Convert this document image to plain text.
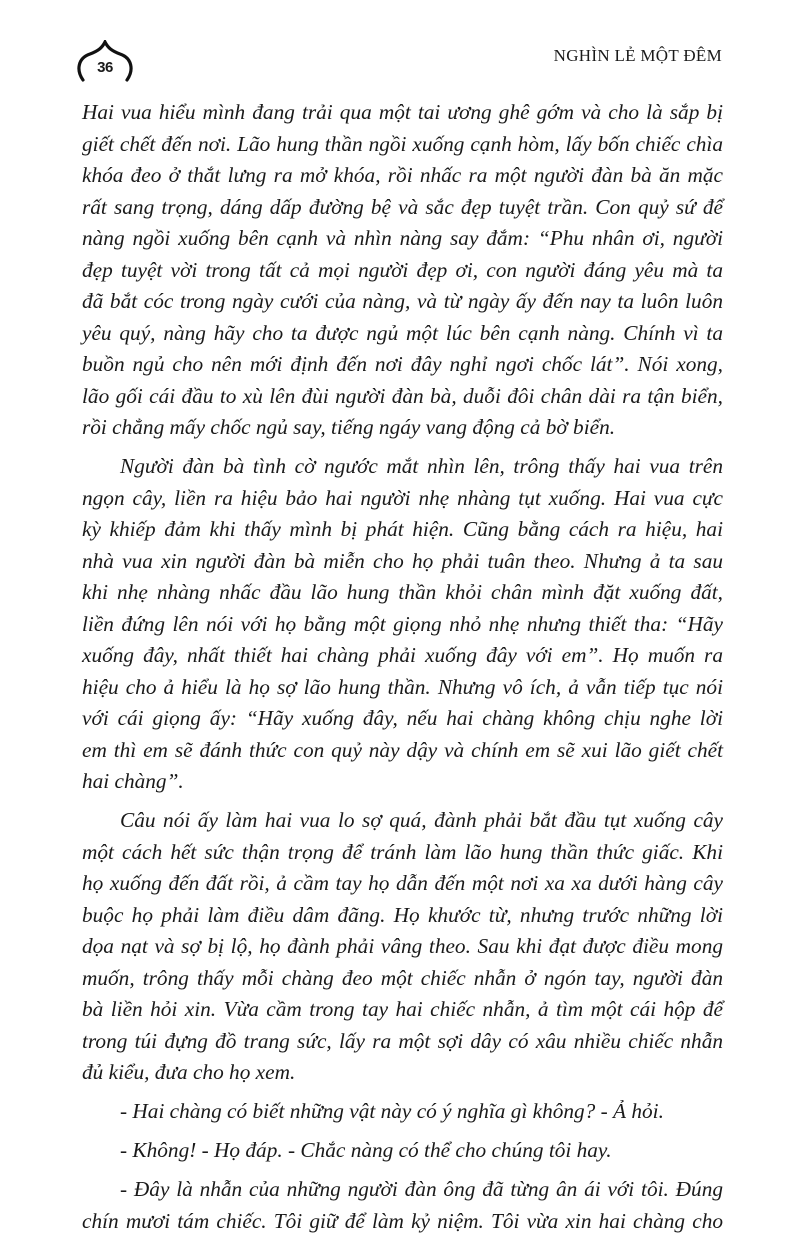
36
NGHÌN LẺ MỘT ĐÊM
Hai vua hiểu mình đang trải qua một tai ương ghê gớm và cho là sắp bị
giết chết đến nơi. Lão hung thần ngồi xuống cạnh hòm, lấy bốn chiếc chìa
khóa đeo ở thắt lưng ra mở khóa, rồi nhấc ra một người đàn bà ăn mặc
rất sang trọng, dáng dấp đường bệ và sắc đẹp tuyệt trần. Con quỷ sứ để
nàng ngồi xuống bên cạnh và nhìn nàng say đắm: “Phu nhân ơi, người
đẹp tuyệt vời trong tất cả mọi người đẹp ơi, con người đáng yêu mà ta
đã bắt cóc trong ngày cưới của nàng, và từ ngày ấy đến nay ta luôn luôn
yêu quý, nàng hãy cho ta được ngủ một lúc bên cạnh nàng. Chính vì ta
buồn ngủ cho nên mới định đến nơi đây nghỉ ngơi chốc lát”. Nói xong,
lão gối cái đầu to xù lên đùi người đàn bà, duỗi đôi chân dài ra tận biển,
rồi chẳng mấy chốc ngủ say, tiếng ngáy vang động cả bờ biển.
Người đàn bà tình cờ ngước mắt nhìn lên, trông thấy hai vua trên
ngọn cây, liền ra hiệu bảo hai người nhẹ nhàng tụt xuống. Hai vua cực
kỳ khiếp đảm khi thấy mình bị phát hiện. Cũng bằng cách ra hiệu, hai
nhà vua xin người đàn bà miễn cho họ phải tuân theo. Nhưng ả ta sau
khi nhẹ nhàng nhấc đầu lão hung thần khỏi chân mình đặt xuống đất,
liền đứng lên nói với họ bằng một giọng nhỏ nhẹ nhưng thiết tha: “Hãy
xuống đây, nhất thiết hai chàng phải xuống đây với em”. Họ muốn ra
hiệu cho ả hiểu là họ sợ lão hung thần. Nhưng vô ích, ả vẫn tiếp tục nói
với cái giọng ấy: “Hãy xuống đây, nếu hai chàng không chịu nghe lời
em thì em sẽ đánh thức con quỷ này dậy và chính em sẽ xui lão giết chết
hai chàng”.
Câu nói ấy làm hai vua lo sợ quá, đành phải bắt đầu tụt xuống cây
một cách hết sức thận trọng để tránh làm lão hung thần thức giấc. Khi
họ xuống đến đất rồi, ả cầm tay họ dẫn đến một nơi xa xa dưới hàng cây
buộc họ phải làm điều dâm đãng. Họ khước từ, nhưng trước những lời
dọa nạt và sợ bị lộ, họ đành phải vâng theo. Sau khi đạt được điều mong
muốn, trông thấy mỗi chàng đeo một chiếc nhẫn ở ngón tay, người đàn
bà liền hỏi xin. Vừa cầm trong tay hai chiếc nhẫn, ả tìm một cái hộp để
trong túi đựng đồ trang sức, lấy ra một sợi dây có xâu nhiều chiếc nhẫn
đủ kiểu, đưa cho họ xem.
- Hai chàng có biết những vật này có ý nghĩa gì không? - Ả hỏi.
- Không! - Họ đáp. - Chắc nàng có thể cho chúng tôi hay.
- Đây là nhẫn của những người đàn ông đã từng ân ái với tôi. Đúng
chín mươi tám chiếc. Tôi giữ để làm kỷ niệm. Tôi vừa xin hai chàng cho
